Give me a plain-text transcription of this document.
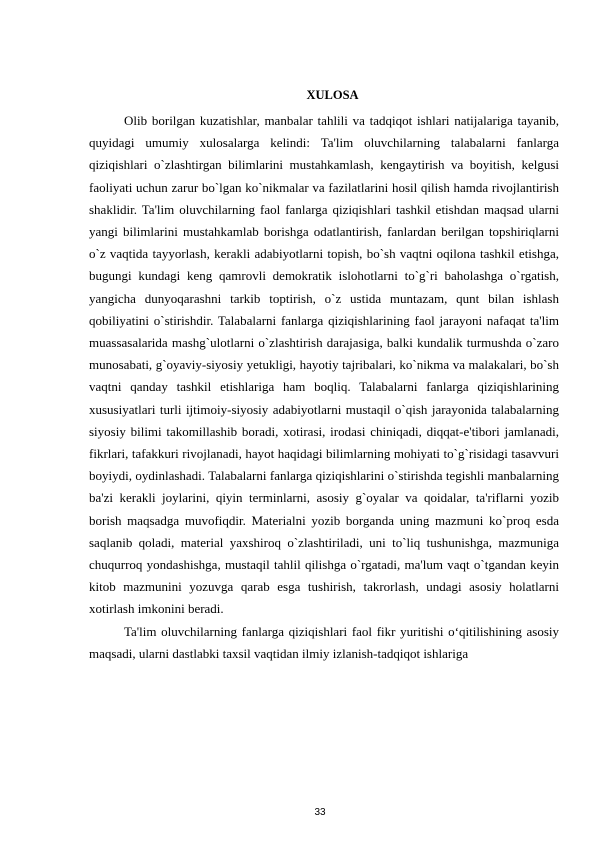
XULOSA

Olib borilgan kuzatishlar, manbalar tahlili va tadqiqot ishlari natijalariga tayanib, quyidagi umumiy xulosalarga kelindi: Ta'lim oluvchilarning talabalarni fanlarga qiziqishlari o`zlashtirgan bilimlarini mustahkamlash, kengaytirish va boyitish, kelgusi faoliyati uchun zarur bo`lgan ko`nikmalar va fazilatlarini hosil qilish hamda rivojlantirish shaklidir. Ta'lim oluvchilarning faol fanlarga qiziqishlari tashkil etishdan maqsad ularni yangi bilimlarini mustahkamlab borishga odatlantirish, fanlardan berilgan topshiriqlarni o`z vaqtida tayyorlash, kerakli adabiyotlarni topish, bo`sh vaqtni oqilona tashkil etishga, bugungi kundagi keng qamrovli demokratik islohotlarni to`g`ri baholashga o`rgatish, yangicha dunyoqarashni tarkib toptirish, o`z ustida muntazam, qunt bilan ishlash qobiliyatini o`stirishdir. Talabalarni fanlarga qiziqishlarining faol jarayoni nafaqat ta'lim muassasalarida mashg`ulotlarni o`zlashtirish darajasiga, balki kundalik turmushda o`zaro munosabati, g`oyaviy-siyosiy yetukligi, hayotiy tajribalari, ko`nikma va malakalari, bo`sh vaqtni qanday tashkil etishlariga ham boqliq. Talabalarni fanlarga qiziqishlarining xususiyatlari turli ijtimoiy-siyosiy adabiyotlarni mustaqil o`qish jarayonida talabalarning siyosiy bilimi takomillashib boradi, xotirasi, irodasi chiniqadi, diqqat-e'tibori jamlanadi, fikrlari, tafakkuri rivojlanadi, hayot haqidagi bilimlarning mohiyati to`g`risidagi tasavvuri boyiydi, oydinlashadi. Talabalarni fanlarga qiziqishlarini o`stirishda tegishli manbalarning ba'zi kerakli joylarini, qiyin terminlarni, asosiy g`oyalar va qoidalar, ta'riflarni yozib borish maqsadga muvofiqdir. Materialni yozib borganda uning mazmuni ko`proq esda saqlanib qoladi, material yaxshiroq o`zlashtiriladi, uni to`liq tushunishga, mazmuniga chuqurroq yondashishga, mustaqil tahlil qilishga o`rgatadi, ma'lum vaqt o`tgandan keyin kitob mazmunini yozuvga qarab esga tushirish, takrorlash, undagi asosiy holatlarni xotirlash imkonini beradi.

Ta'lim oluvchilarning fanlarga qiziqishlari faol fikr yuritishi o‘qitilishining asosiy maqsadi, ularni dastlabki taxsil vaqtidan ilmiy izlanish-tadqiqot ishlariga

33
